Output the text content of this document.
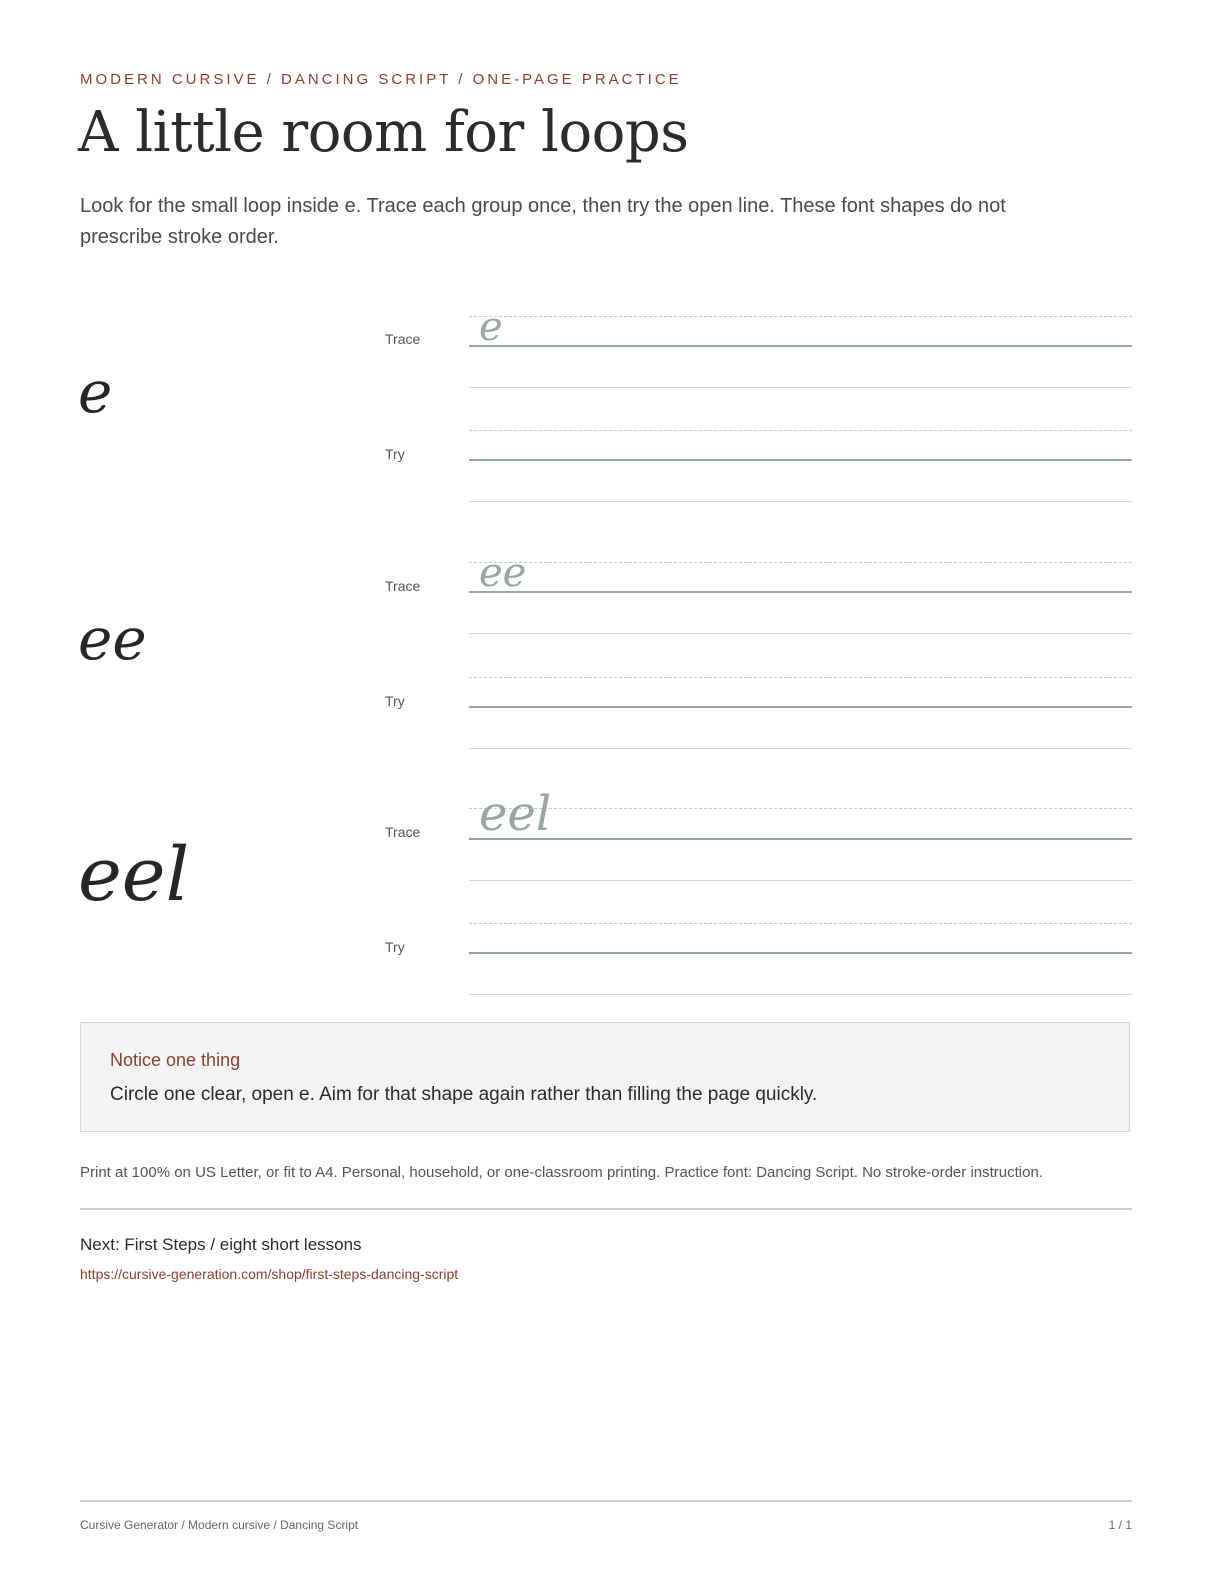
MODERN CURSIVE / DANCING SCRIPT / ONE-PAGE PRACTICE
A little room for loops
Look for the small loop inside e. Trace each group once, then try the open line. These font shapes do not prescribe stroke order.
e
Trace e
Try
ee
Trace ee
Try
eel	Trace eel
Try
Notice one thing
Circle one clear, open e. Aim for that shape again rather than filling the page quickly.
Print at 100% on US Letter, or fit to A4. Personal, household, or one-classroom printing. Practice font: Dancing Script. No stroke-order instruction.
Next: First Steps / eight short lessons
https://cursive-generation.com/shop/first-steps-dancing-script
Cursive Generator / Modern cursive / Dancing Script	1 / 1
